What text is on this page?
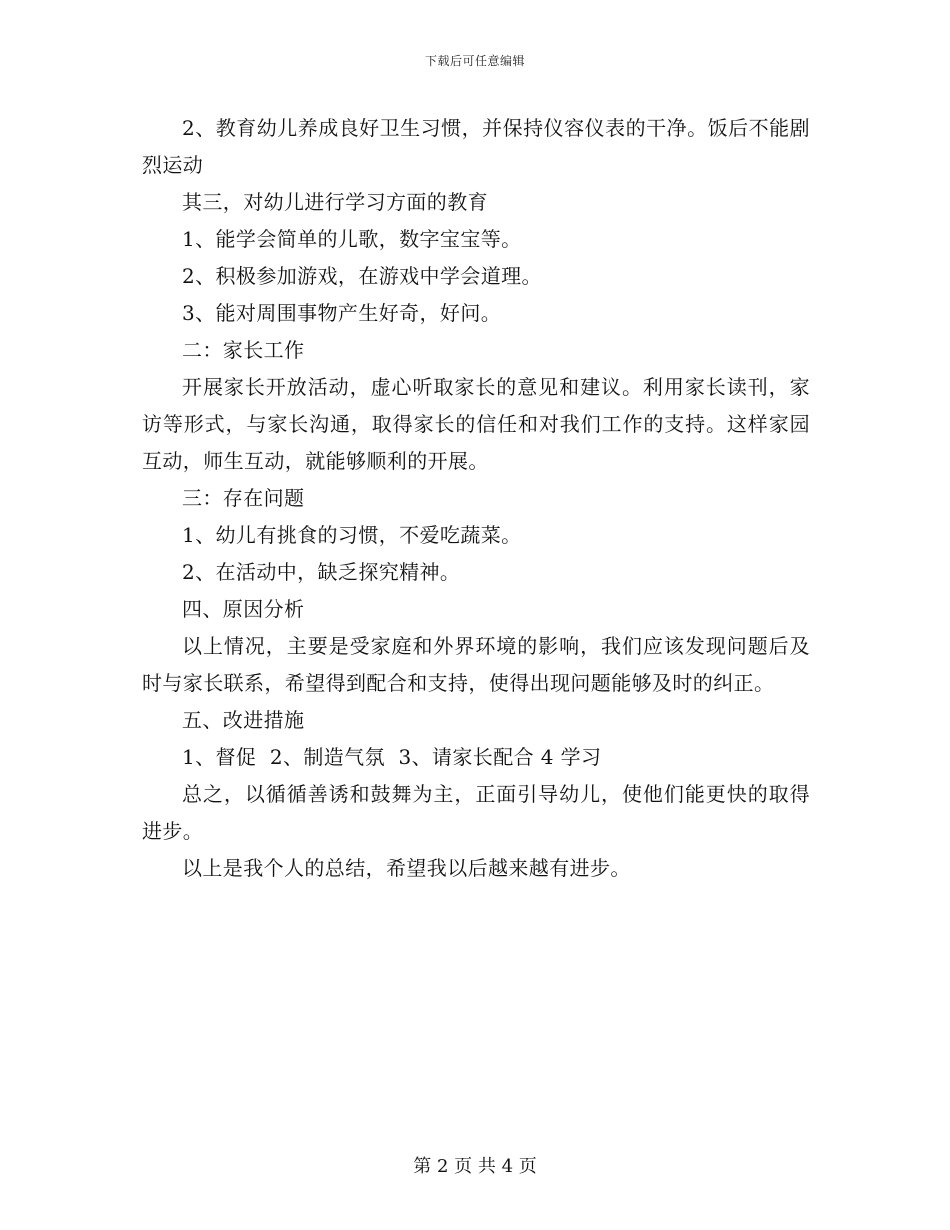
下载后可任意编辑

2、教育幼儿养成良好卫生习惯，并保持仪容仪表的干净。饭后不能剧烈运动

其三，对幼儿进行学习方面的教育

1、能学会简单的儿歌，数字宝宝等。

2、积极参加游戏，在游戏中学会道理。

3、能对周围事物产生好奇，好问。

二：家长工作

开展家长开放活动，虚心听取家长的意见和建议。利用家长读刊，家访等形式，与家长沟通，取得家长的信任和对我们工作的支持。这样家园互动，师生互动，就能够顺利的开展。

三：存在问题

1、幼儿有挑食的习惯，不爱吃蔬菜。

2、在活动中，缺乏探究精神。

四、原因分析

以上情况，主要是受家庭和外界环境的影响，我们应该发现问题后及时与家长联系，希望得到配合和支持，使得出现问题能够及时的纠正。

五、改进措施

1、督促  2、制造气氛  3、请家长配合 4 学习

总之，以循循善诱和鼓舞为主，正面引导幼儿，使他们能更快的取得进步。

以上是我个人的总结，希望我以后越来越有进步。

第 2 页 共 4 页
